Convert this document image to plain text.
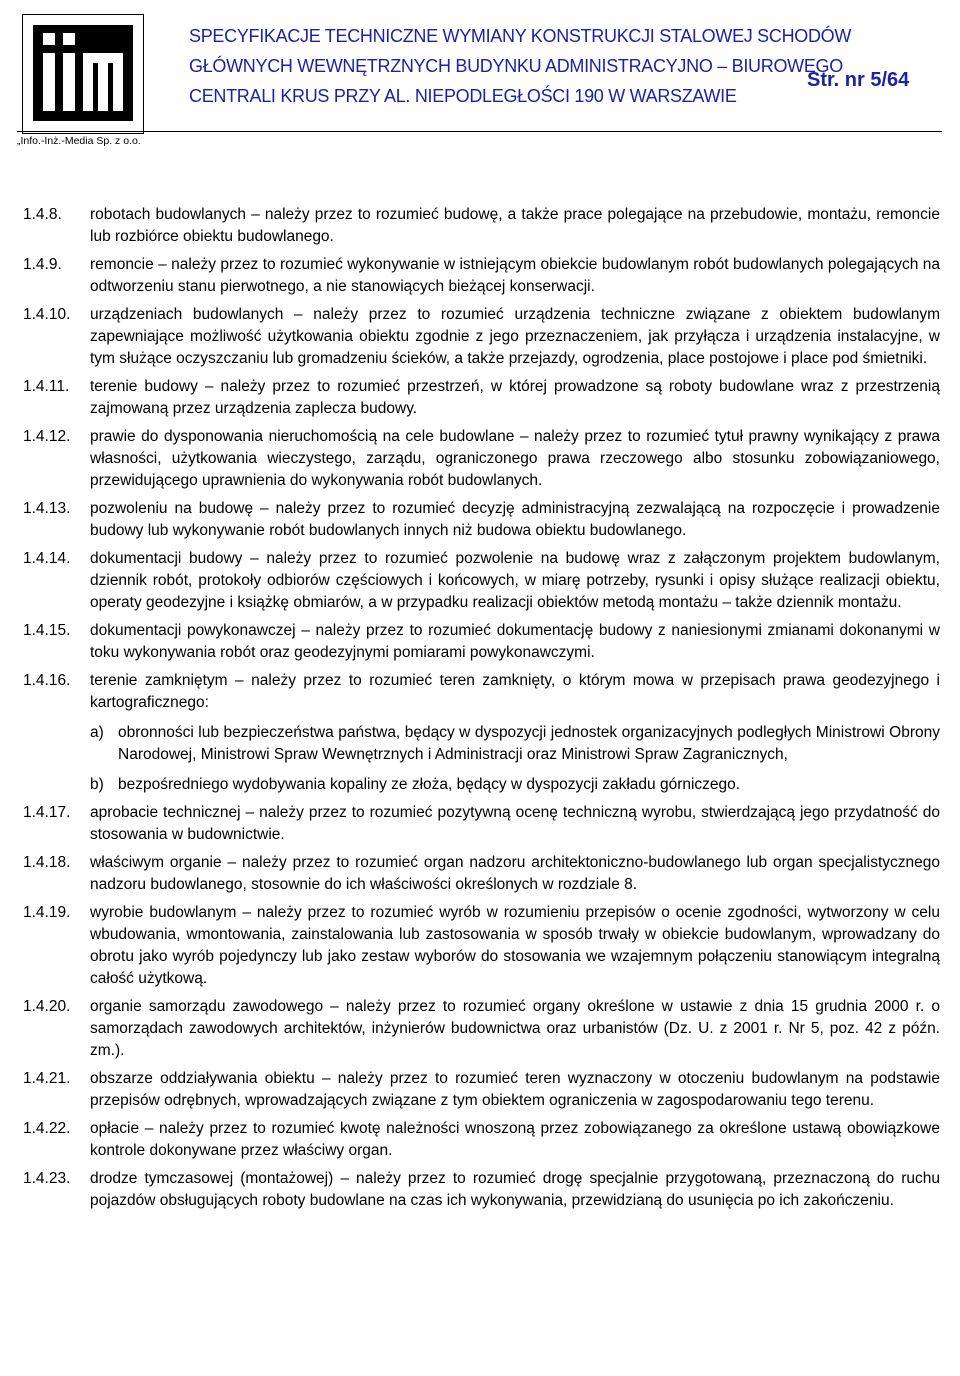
SPECYFIKACJE TECHNICZNE WYMIANY KONSTRUKCJI STALOWEJ SCHODÓW
GŁÓWNYCH WEWNĘTRZNYCH BUDYNKU ADMINISTRACYJNO – BIUROWEGO
CENTRALI KRUS PRZY AL. NIEPODLEGŁOŚCI 190 W WARSZAWIE
Str. nr 5/64
„Info.-Inż.-Media Sp. z o.o.
1.4.8. robotach budowlanych – należy przez to rozumieć budowę, a także prace polegające na przebudowie, montażu, remoncie lub rozbiórce obiektu budowlanego.
1.4.9. remoncie – należy przez to rozumieć wykonywanie w istniejącym obiekcie budowlanym robót budowlanych polegających na odtworzeniu stanu pierwotnego, a nie stanowiących bieżącej konserwacji.
1.4.10. urządzeniach budowlanych – należy przez to rozumieć urządzenia techniczne związane z obiektem budowlanym zapewniające możliwość użytkowania obiektu zgodnie z jego przeznaczeniem, jak przyłącza i urządzenia instalacyjne, w tym służące oczyszczaniu lub gromadzeniu ścieków, a także przejazdy, ogrodzenia, place postojowe i place pod śmietniki.
1.4.11. terenie budowy – należy przez to rozumieć przestrzeń, w której prowadzone są roboty budowlane wraz z przestrzenią zajmowaną przez urządzenia zaplecza budowy.
1.4.12. prawie do dysponowania nieruchomością na cele budowlane – należy przez to rozumieć tytuł prawny wynikający z prawa własności, użytkowania wieczystego, zarządu, ograniczonego prawa rzeczowego albo stosunku zobowiązaniowego, przewidującego uprawnienia do wykonywania robót budowlanych.
1.4.13. pozwoleniu na budowę – należy przez to rozumieć decyzję administracyjną zezwalającą na rozpoczęcie i prowadzenie budowy lub wykonywanie robót budowlanych innych niż budowa obiektu budowlanego.
1.4.14. dokumentacji budowy – należy przez to rozumieć pozwolenie na budowę wraz z załączonym projektem budowlanym, dziennik robót, protokoły odbiorów częściowych i końcowych, w miarę potrzeby, rysunki i opisy służące realizacji obiektu, operaty geodezyjne i książkę obmiarów, a w przypadku realizacji obiektów metodą montażu – także dziennik montażu.
1.4.15. dokumentacji powykonawczej – należy przez to rozumieć dokumentację budowy z naniesionymi zmianami dokonanymi w toku wykonywania robót oraz geodezyjnymi pomiarami powykonawczymi.
1.4.16. terenie zamkniętym – należy przez to rozumieć teren zamknięty, o którym mowa w przepisach prawa geodezyjnego i kartograficznego:
a) obronności lub bezpieczeństwa państwa, będący w dyspozycji jednostek organizacyjnych podległych Ministrowi Obrony Narodowej, Ministrowi Spraw Wewnętrznych i Administracji oraz Ministrowi Spraw Zagranicznych,
b) bezpośredniego wydobywania kopaliny ze złoża, będący w dyspozycji zakładu górniczego.
1.4.17. aprobacie technicznej – należy przez to rozumieć pozytywną ocenę techniczną wyrobu, stwierdzającą jego przydatność do stosowania w budownictwie.
1.4.18. właściwym organie – należy przez to rozumieć organ nadzoru architektoniczno-budowlanego lub organ specjalistycznego nadzoru budowlanego, stosownie do ich właściwości określonych w rozdziale 8.
1.4.19. wyrobie budowlanym – należy przez to rozumieć wyrób w rozumieniu przepisów o ocenie zgodności, wytworzony w celu wbudowania, wmontowania, zainstalowania lub zastosowania w sposób trwały w obiekcie budowlanym, wprowadzany do obrotu jako wyrób pojedynczy lub jako zestaw wyborów do stosowania we wzajemnym połączeniu stanowiącym integralną całość użytkową.
1.4.20. organie samorządu zawodowego – należy przez to rozumieć organy określone w ustawie z dnia 15 grudnia 2000 r. o samorządach zawodowych architektów, inżynierów budownictwa oraz urbanistów (Dz. U. z 2001 r. Nr 5, poz. 42 z późn. zm.).
1.4.21. obszarze oddziaływania obiektu – należy przez to rozumieć teren wyznaczony w otoczeniu budowlanym na podstawie przepisów odrębnych, wprowadzających związane z tym obiektem ograniczenia w zagospodarowaniu tego terenu.
1.4.22. opłacie – należy przez to rozumieć kwotę należności wnoszoną przez zobowiązanego za określone ustawą obowiązkowe kontrole dokonywane przez właściwy organ.
1.4.23. drodze tymczasowej (montażowej) – należy przez to rozumieć drogę specjalnie przygotowaną, przeznaczoną do ruchu pojazdów obsługujących roboty budowlane na czas ich wykonywania, przewidzianą do usunięcia po ich zakończeniu.
